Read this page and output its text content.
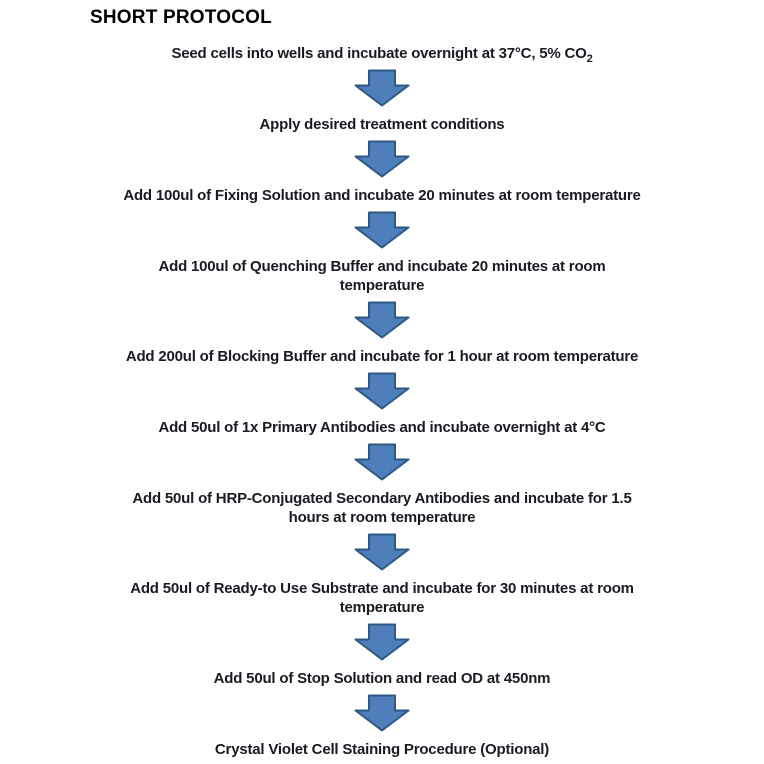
SHORT PROTOCOL
Seed cells into wells and incubate overnight at 37°C, 5% $CO_2$
Apply desired treatment conditions
Add 100ul of Fixing Solution and incubate 20 minutes at room temperature
Add 100ul of Quenching Buffer and incubate 20 minutes at room
temperature
Add 200ul of Blocking Buffer and incubate for 1 hour at room temperature
Add 50ul of 1x Primary Antibodies and incubate overnight at 4°C
Add 50ul of HRP-Conjugated Secondary Antibodies and incubate for 1.5
hours at room temperature
Add 50ul of Ready-to Use Substrate and incubate for 30 minutes at room
temperature
Add 50ul of Stop Solution and read OD at 450nm
Crystal Violet Cell Staining Procedure (Optional)
